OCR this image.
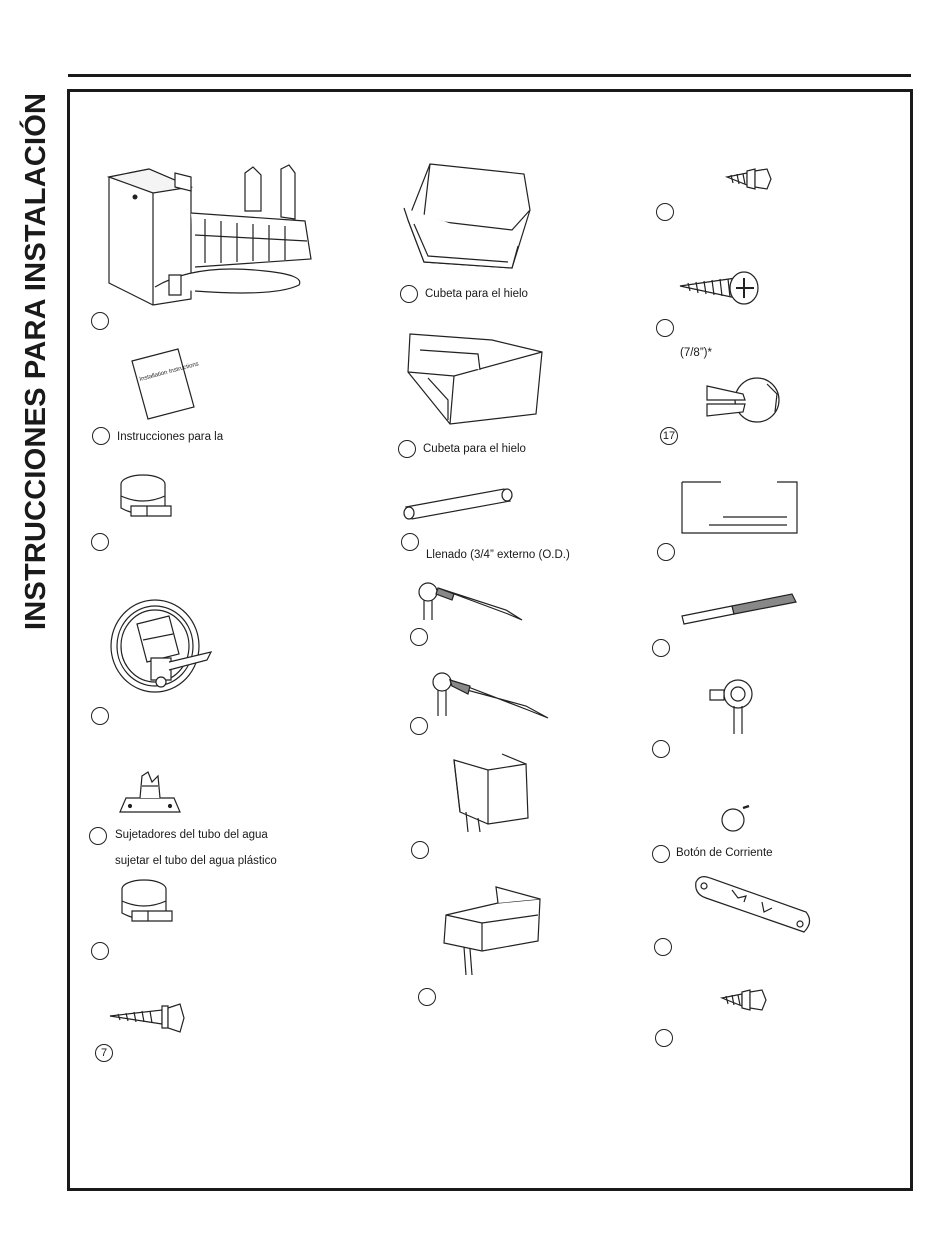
INSTRUCCIONES PARA INSTALACIÓN	Installation Instructions
Instrucciones para la
Sujetadores del tubo del agua
sujetar el tubo del agua plástico
7
Cubeta para el hielo
Cubeta para el hielo
Llenado (3/4” externo (O.D.)
(7/8”)*
17
Botón de Corriente
